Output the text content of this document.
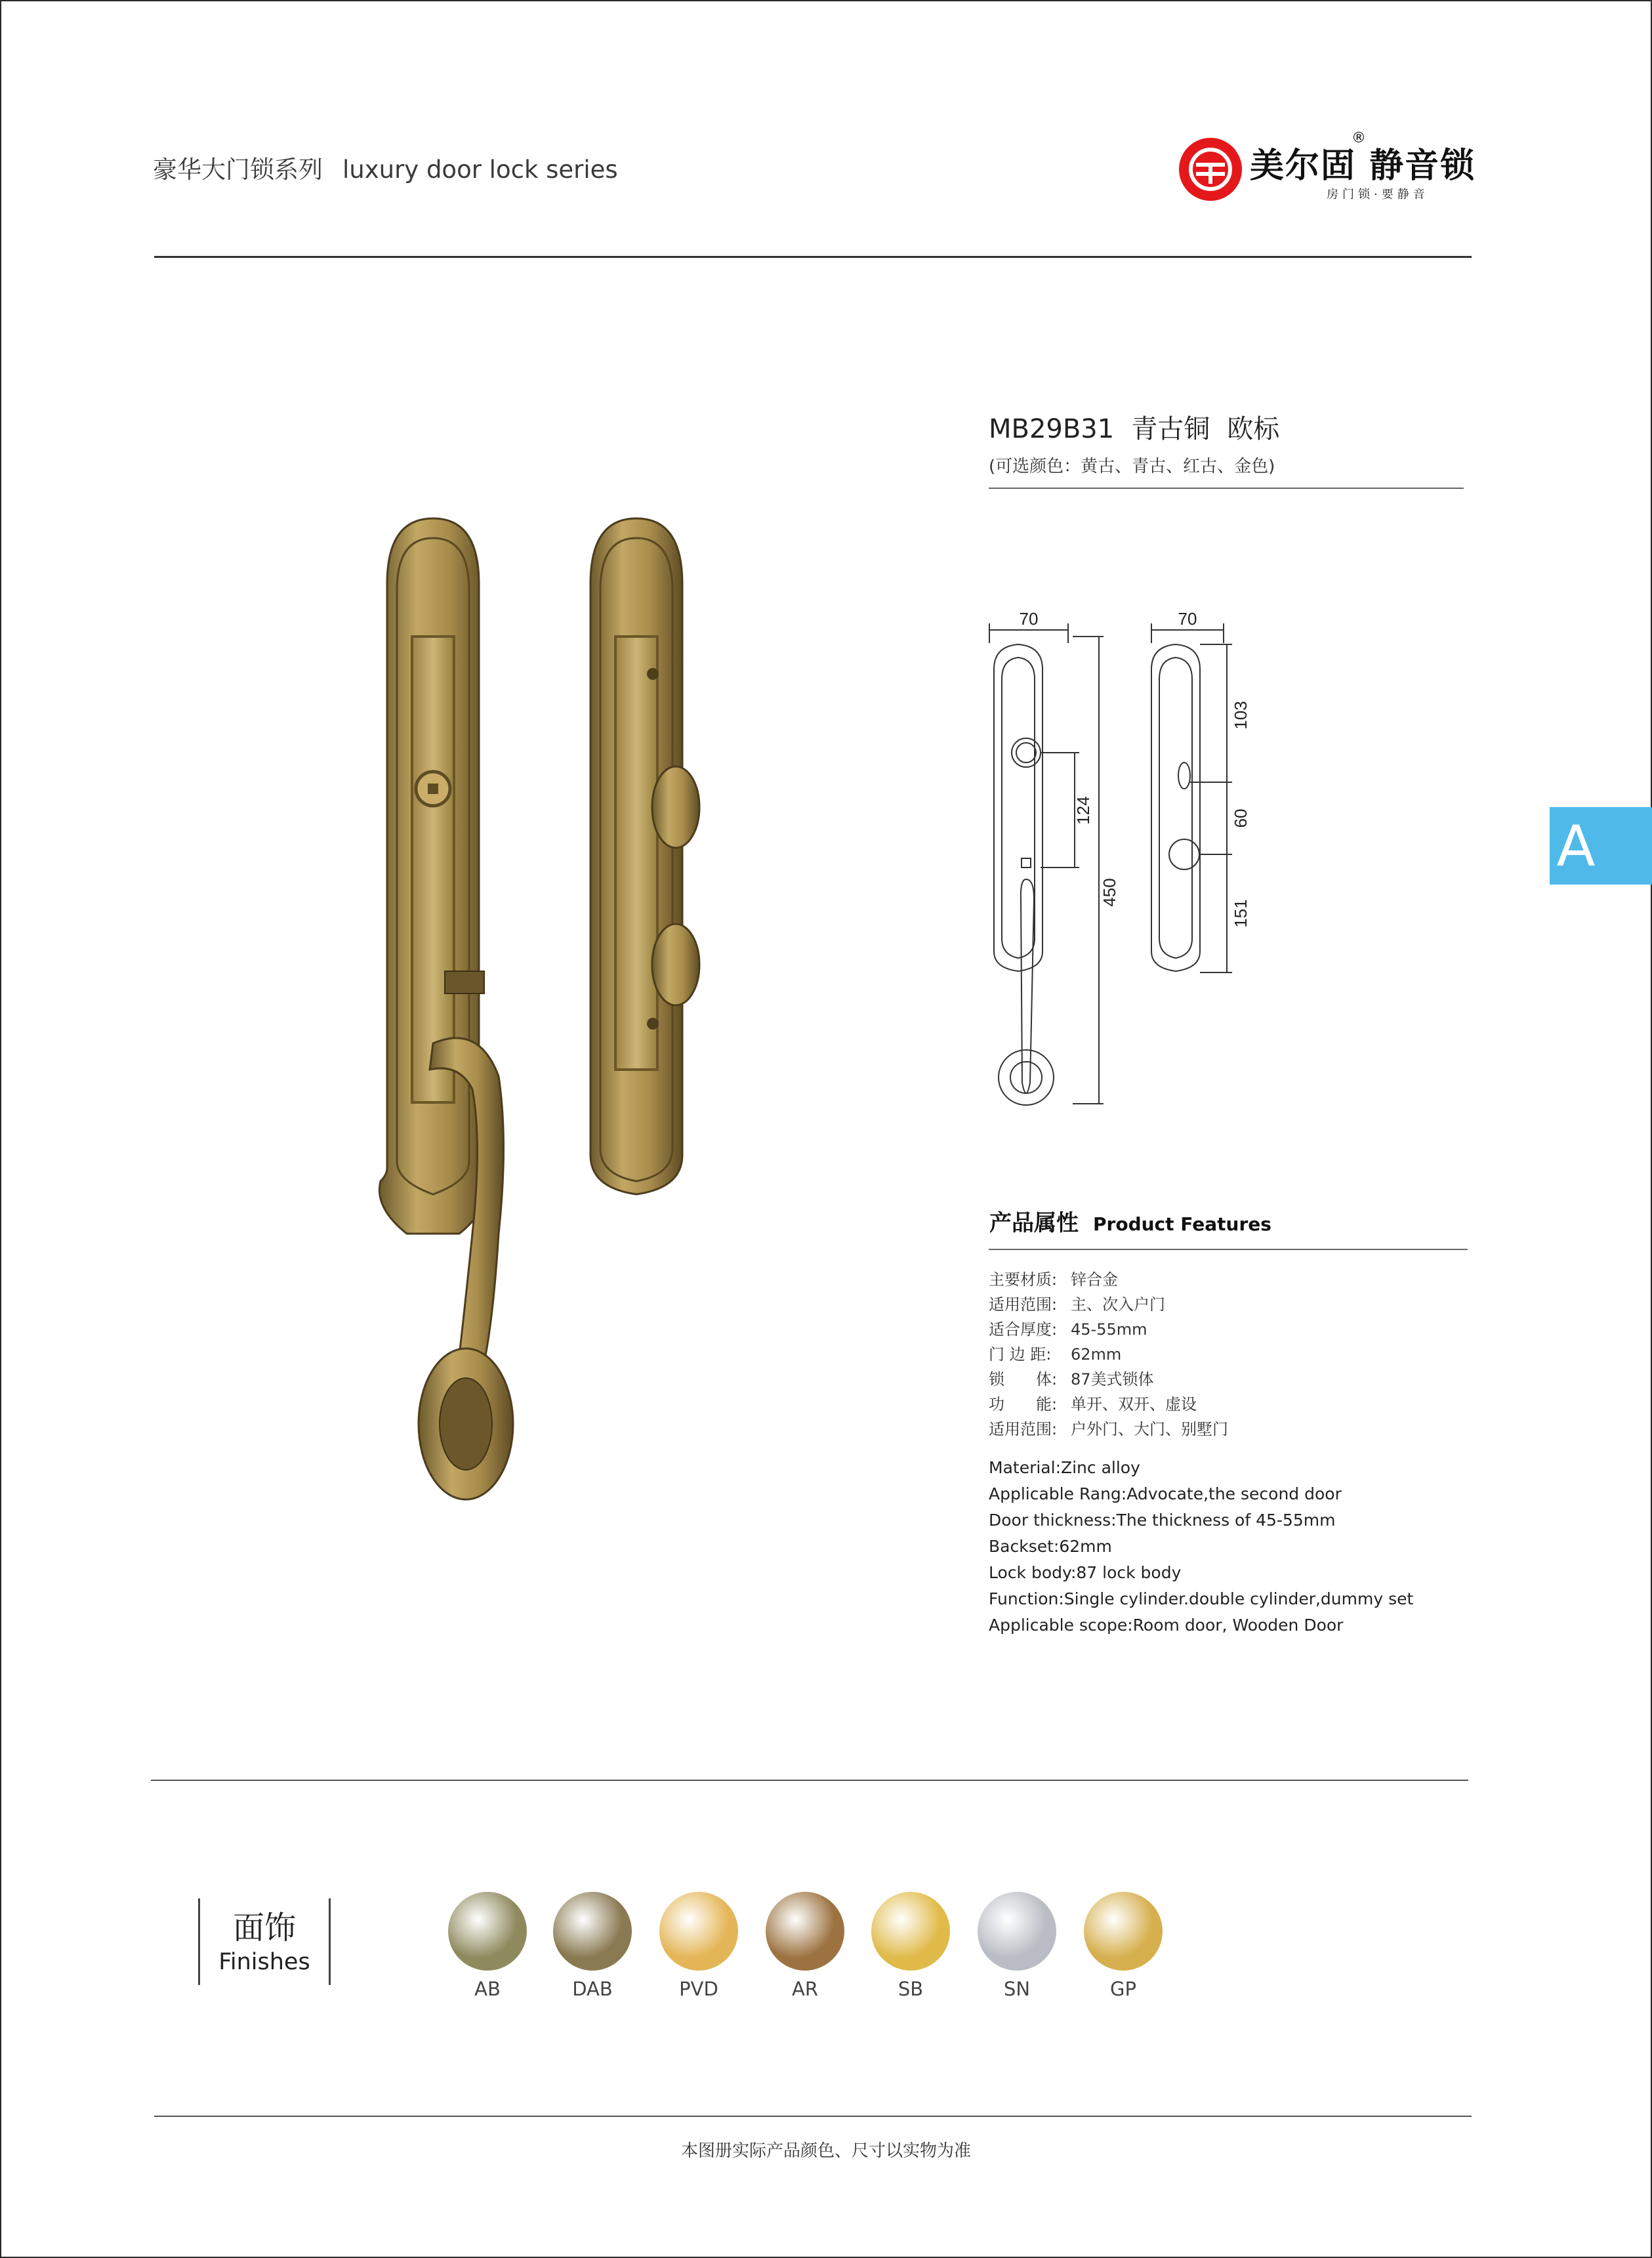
豪华大门锁系列 luxury door lock series	美尔固 静音锁
®
房门锁·要静音
MB29B31 青古铜 欧标
(可选颜色：黄古、青古、红古、金色)
70	70
124
450
103
60
151
A
产品属性 Product Features
主要材质: 锌合金
适用范围: 主、次入户门
适合厚度: 45-55mm
门 边 距: 62mm
锁　　体: 87美式锁体
功　　能: 单开、双开、虚设
适用范围: 户外门、大门、别墅门
Material:Zinc alloy
Applicable Rang:Advocate,the second door
Door thickness:The thickness of 45-55mm
Backset:62mm
Lock body:87 lock body
Function:Single cylinder.double cylinder,dummy set
Applicable scope:Room door, Wooden Door
面饰
Finishes
AB	DAB	PVD	AR	SB	SN	GP
本图册实际产品颜色、尺寸以实物为准
